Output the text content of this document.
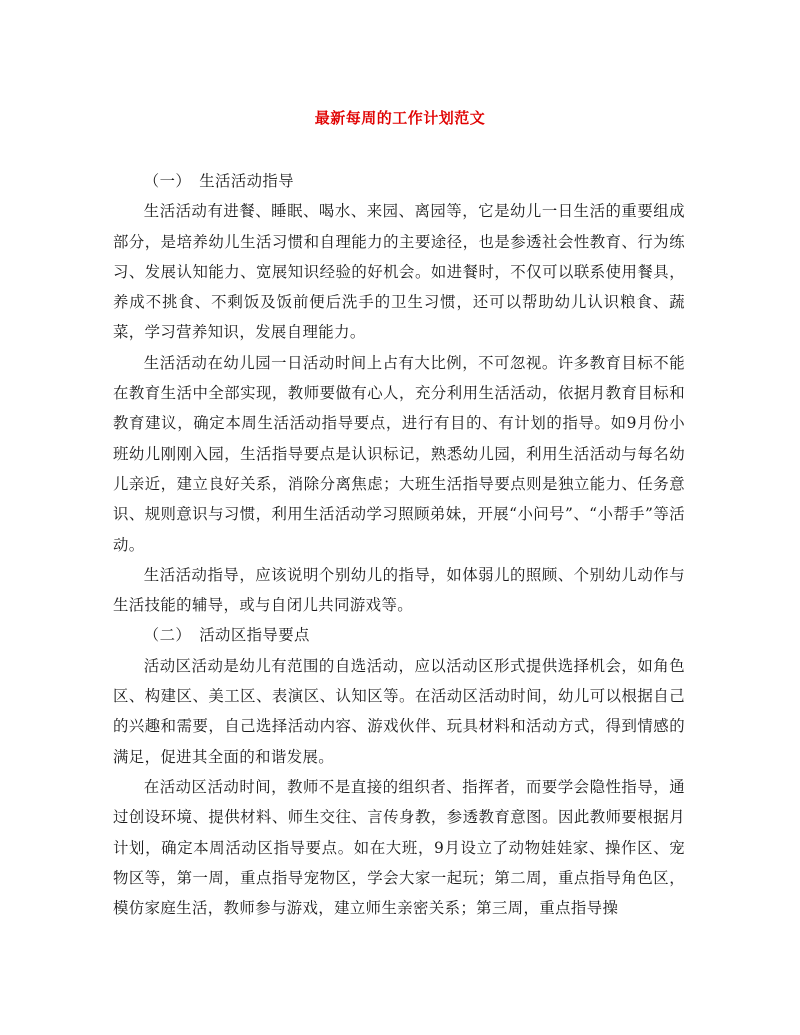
最新每周的工作计划范文

（一）　生活活动指导

生活活动有进餐、睡眠、喝水、来园、离园等，它是幼儿一日生活的重要组成部分，是培养幼儿生活习惯和自理能力的主要途径，也是参透社会性教育、行为练习、发展认知能力、宽展知识经验的好机会。如进餐时，不仅可以联系使用餐具，养成不挑食、不剩饭及饭前便后洗手的卫生习惯，还可以帮助幼儿认识粮食、蔬菜，学习营养知识，发展自理能力。

生活活动在幼儿园一日活动时间上占有大比例，不可忽视。许多教育目标不能在教育生活中全部实现，教师要做有心人，充分利用生活活动，依据月教育目标和教育建议，确定本周生活活动指导要点，进行有目的、有计划的指导。如9月份小班幼儿刚刚入园，生活指导要点是认识标记，熟悉幼儿园，利用生活活动与每名幼儿亲近，建立良好关系，消除分离焦虑；大班生活指导要点则是独立能力、任务意识、规则意识与习惯，利用生活活动学习照顾弟妹，开展“小问号”、“小帮手”等活动。

生活活动指导，应该说明个别幼儿的指导，如体弱儿的照顾、个别幼儿动作与生活技能的辅导，或与自闭儿共同游戏等。

（二）　活动区指导要点

活动区活动是幼儿有范围的自选活动，应以活动区形式提供选择机会，如角色区、构建区、美工区、表演区、认知区等。在活动区活动时间，幼儿可以根据自己的兴趣和需要，自己选择活动内容、游戏伙伴、玩具材料和活动方式，得到情感的满足，促进其全面的和谐发展。

在活动区活动时间，教师不是直接的组织者、指挥者，而要学会隐性指导，通过创设环境、提供材料、师生交往、言传身教，参透教育意图。因此教师要根据月计划，确定本周活动区指导要点。如在大班，9月设立了动物娃娃家、操作区、宠物区等，第一周，重点指导宠物区，学会大家一起玩；第二周，重点指导角色区，模仿家庭生活，教师参与游戏，建立师生亲密关系；第三周，重点指导操
